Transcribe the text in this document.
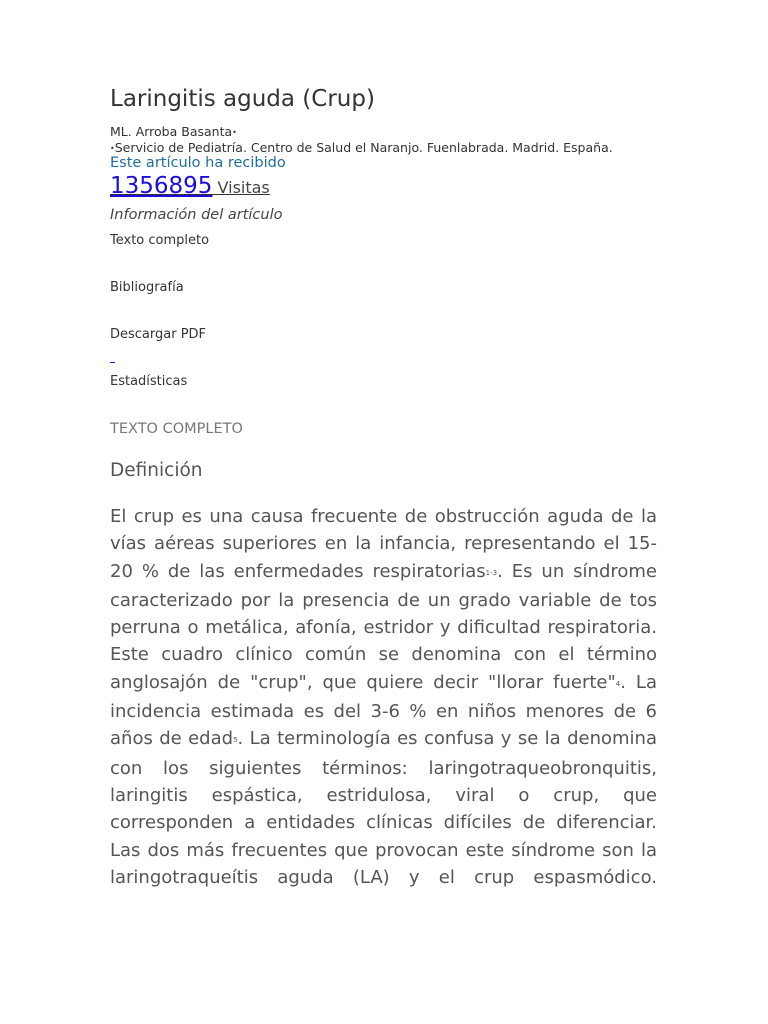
Laringitis aguda (Crup)
ML. Arroba Basanta•
•Servicio de Pediatría. Centro de Salud el Naranjo. Fuenlabrada. Madrid. España.
Este artículo ha recibido
1356895 Visitas
Información del artículo
Texto completo
Bibliografía
Descargar PDF
Estadísticas
TEXTO COMPLETO
Definición

El crup es una causa frecuente de obstrucción aguda de la vías aéreas superiores en la infancia, representando el 15-20 % de las enfermedades respiratorias1-3. Es un síndrome caracterizado por la presencia de un grado variable de tos perruna o metálica, afonía, estridor y dificultad respiratoria. Este cuadro clínico común se denomina con el término anglosajón de "crup", que quiere decir "llorar fuerte"4. La incidencia estimada es del 3-6 % en niños menores de 6 años de edad5. La terminología es confusa y se la denomina con los siguientes términos: laringotraqueobronquitis, laringitis espástica, estridulosa, viral o crup, que corresponden a entidades clínicas difíciles de diferenciar. Las dos más frecuentes que provocan este síndrome son la laringotraqueítis aguda (LA) y el crup espasmódico.
